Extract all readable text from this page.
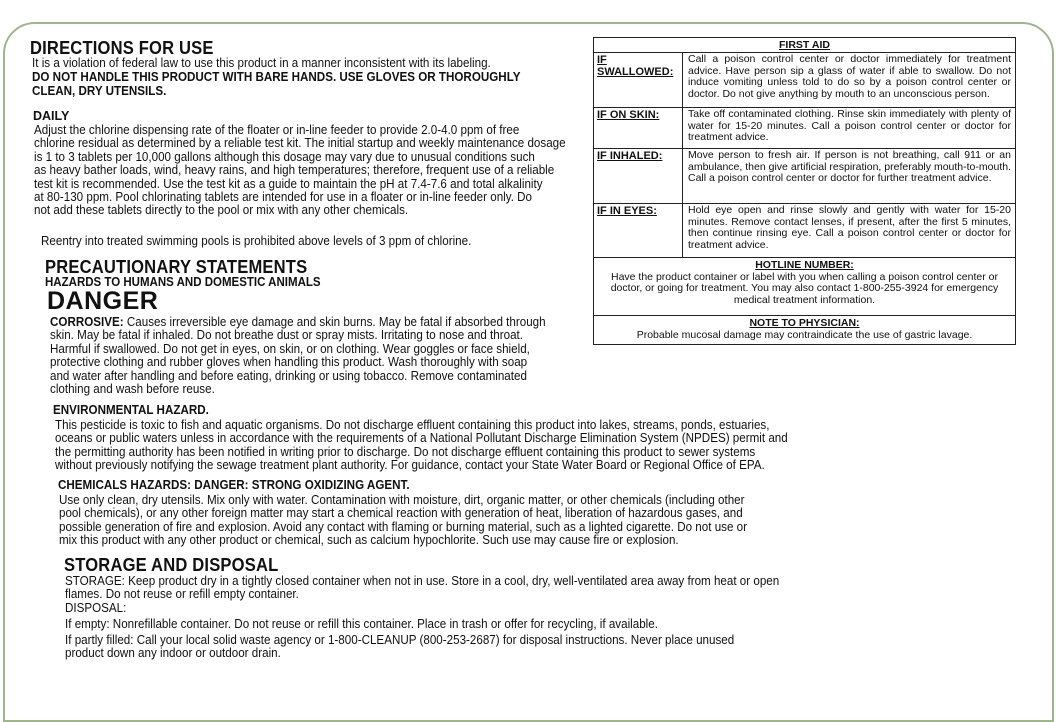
DIRECTIONS FOR USE
It is a violation of federal law to use this product in a manner inconsistent with its labeling.
DO NOT HANDLE THIS PRODUCT WITH BARE HANDS. USE GLOVES OR THOROUGHLY
CLEAN, DRY UTENSILS.
DAILY
Adjust the chlorine dispensing rate of the floater or in-line feeder to provide 2.0-4.0 ppm of free
chlorine residual as determined by a reliable test kit. The initial startup and weekly maintenance dosage
is 1 to 3 tablets per 10,000 gallons although this dosage may vary due to unusual conditions such
as heavy bather loads, wind, heavy rains, and high temperatures; therefore, frequent use of a reliable
test kit is recommended. Use the test kit as a guide to maintain the pH at 7.4-7.6 and total alkalinity
at 80-130 ppm. Pool chlorinating tablets are intended for use in a floater or in-line feeder only. Do
not add these tablets directly to the pool or mix with any other chemicals.
Reentry into treated swimming pools is prohibited above levels of 3 ppm of chlorine.
PRECAUTIONARY STATEMENTS
HAZARDS TO HUMANS AND DOMESTIC ANIMALS
DANGER
CORROSIVE: Causes irreversible eye damage and skin burns. May be fatal if absorbed through
skin. May be fatal if inhaled. Do not breathe dust or spray mists. Irritating to nose and throat.
Harmful if swallowed. Do not get in eyes, on skin, or on clothing. Wear goggles or face shield,
protective clothing and rubber gloves when handling this product. Wash thoroughly with soap
and water after handling and before eating, drinking or using tobacco. Remove contaminated
clothing and wash before reuse.
ENVIRONMENTAL HAZARD.
This pesticide is toxic to fish and aquatic organisms. Do not discharge effluent containing this product into lakes, streams, ponds, estuaries,
oceans or public waters unless in accordance with the requirements of a National Pollutant Discharge Elimination System (NPDES) permit and
the permitting authority has been notified in writing prior to discharge. Do not discharge effluent containing this product to sewer systems
without previously notifying the sewage treatment plant authority. For guidance, contact your State Water Board or Regional Office of EPA.
CHEMICALS HAZARDS: DANGER: STRONG OXIDIZING AGENT.
Use only clean, dry utensils. Mix only with water. Contamination with moisture, dirt, organic matter, or other chemicals (including other
pool chemicals), or any other foreign matter may start a chemical reaction with generation of heat, liberation of hazardous gases, and
possible generation of fire and explosion. Avoid any contact with flaming or burning material, such as a lighted cigarette. Do not use or
mix this product with any other product or chemical, such as calcium hypochlorite. Such use may cause fire or explosion.
STORAGE AND DISPOSAL
STORAGE: Keep product dry in a tightly closed container when not in use. Store in a cool, dry, well-ventilated area away from heat or open
flames. Do not reuse or refill empty container.
DISPOSAL:
If empty: Nonrefillable container. Do not reuse or refill this container. Place in trash or offer for recycling, if available.
If partly filled: Call your local solid waste agency or 1-800-CLEANUP (800-253-2687) for disposal instructions. Never place unused
product down any indoor or outdoor drain.
FIRST AID
IF SWALLOWED:
Call a poison control center or doctor immediately for treatment advice. Have person sip a glass of water if able to swallow. Do not induce vomiting unless told to do so by a poison control center or doctor. Do not give anything by mouth to an unconscious person.
IF ON SKIN:	Take off contaminated clothing. Rinse skin immediately with plenty of water for 15-20 minutes. Call a poison control center or doctor for treatment advice.
IF INHALED:	Move person to fresh air. If person is not breathing, call 911 or an ambulance, then give artificial respiration, preferably mouth-to-mouth. Call a poison control center or doctor for further treatment advice.
IF IN EYES:	Hold eye open and rinse slowly and gently with water for 15-20 minutes. Remove contact lenses, if present, after the first 5 minutes, then continue rinsing eye. Call a poison control center or doctor for treatment advice.
HOTLINE NUMBER:
Have the product container or label with you when calling a poison control center or doctor, or going for treatment. You may also contact 1-800-255-3924 for emergency medical treatment information.
NOTE TO PHYSICIAN:
Probable mucosal damage may contraindicate the use of gastric lavage.
